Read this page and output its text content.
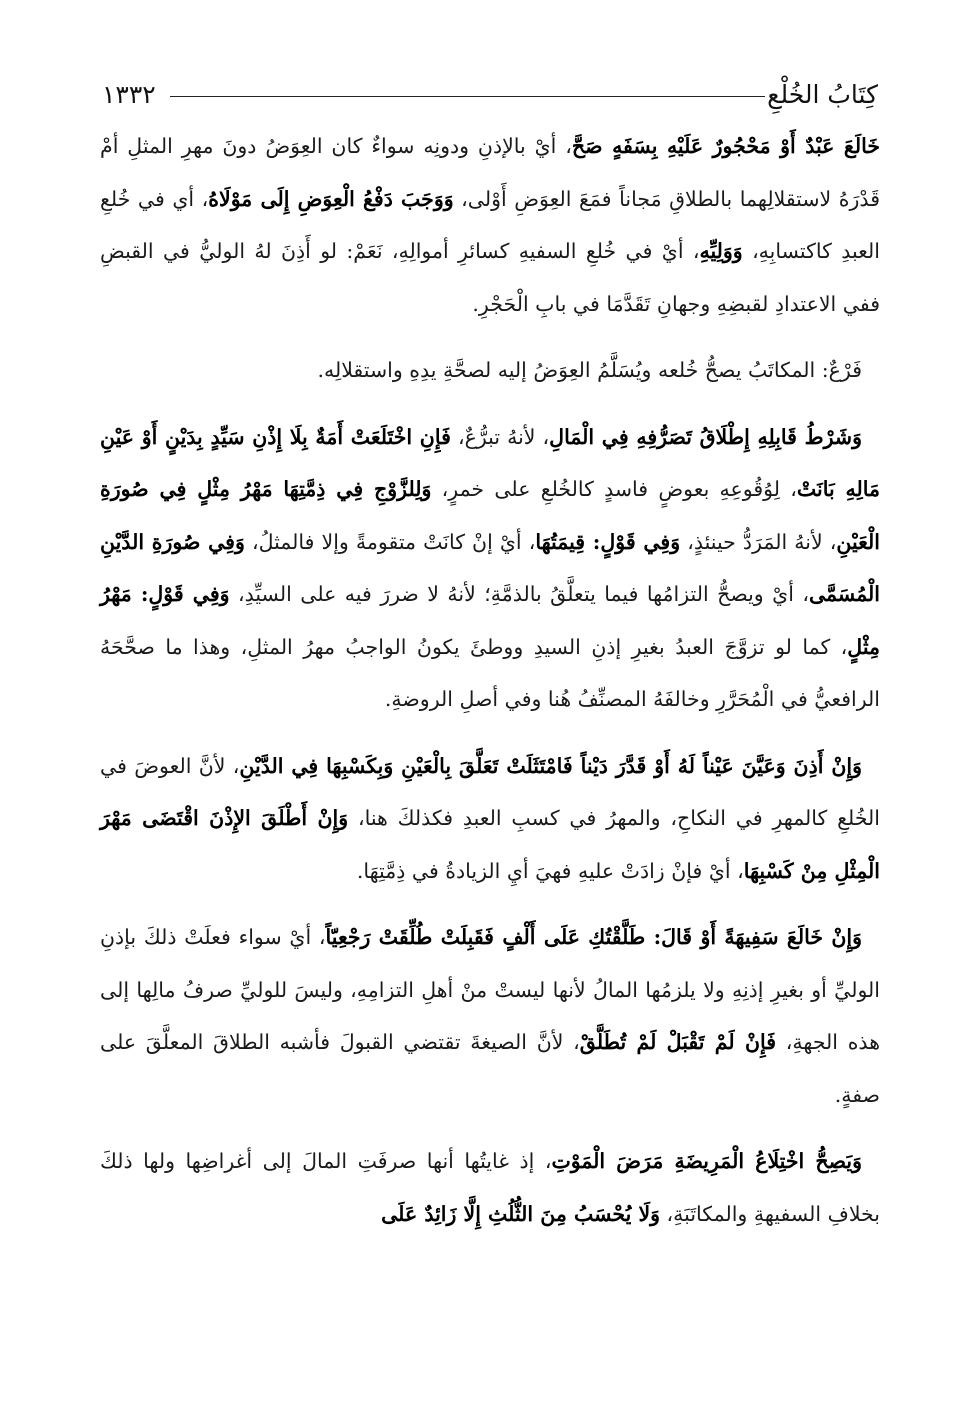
كِتَابُ الخُلْعِ
١٣٣٢

خَالَعَ عَبْدٌ أَوْ مَحْجُورٌ عَلَيْهِ بِسَفَهٍ صَحَّ، أيْ بالإذنِ ودونِه سواءٌ كان العِوَضُ دونَ مهرِ المثلِ أمْ قَدْرَهُ لاستقلالِهما بالطلاقِ مَجاناً فمَعَ العِوَضِ أَوْلى، وَوَجَبَ دَفْعُ الْعِوَضِ إِلَى مَوْلَاهُ، أي في خُلعِ العبدِ كاكتسابِهِ، وَوَلِيِّهِ، أيْ في خُلعِ السفيهِ كسائرِ أموالِهِ، نَعَمْ: لو أَذِنَ لهُ الوليُّ في القبضِ ففي الاعتدادِ لقبضِهِ وجهانِ تَقَدَّمَا في بابِ الْحَجْرِ.

فَرْعٌ: المكاتَبُ يصحُّ خُلعه ويُسَلَّمُ العِوَضُ إليه لصحَّةِ يدِهِ واستقلالِه.

وَشَرْطُ قَابِلِهِ إِطْلَاقُ تَصَرُّفِهِ فِي الْمَالِ، لأنهُ تبرُّعٌ، فَإِنِ اخْتَلَعَتْ أَمَةٌ بِلَا إِذْنِ سَيِّدٍ بِدَيْنٍ أَوْ عَيْنِ مَالِهِ بَانَتْ، لِوُقُوعِهِ بعوضٍ فاسدٍ كالخُلعِ على خمرٍ، وَلِلزَّوْجِ فِي ذِمَّتِهَا مَهْرُ مِثْلٍ فِي صُورَةِ الْعَيْنِ، لأنهُ المَرَدُّ حينئذٍ، وَفِي قَوْلٍ: قِيمَتُهَا، أيْ إنْ كانَتْ متقومةً وإلا فالمثلُ، وَفِي صُورَةِ الدَّيْنِ الْمُسَمَّى، أيْ ويصحُّ التزامُها فيما يتعلَّقُ بالذمَّةِ؛ لأنهُ لا ضررَ فيه على السيِّدِ، وَفِي قَوْلٍ: مَهْرُ مِثْلٍ، كما لو تزوَّجَ العبدُ بغيرِ إذنِ السيدِ ووطئَ يكونُ الواجبُ مهرُ المثلِ، وهذا ما صحَّحَهُ الرافعيُّ في الْمُحَرَّرِ وخالفَهُ المصنِّفُ هُنا وفي أصلِ الروضةِ.

وَإِنْ أَذِنَ وَعَيَّنَ عَيْناً لَهُ أَوْ قَدَّرَ دَيْناً فَامْتَثَلَتْ تَعَلَّقَ بِالْعَيْنِ وَبِكَسْبِهَا فِي الدَّيْنِ، لأنَّ العوضَ في الخُلعِ كالمهرِ في النكاحِ، والمهرُ في كسبِ العبدِ فكذلكَ هنا، وَإِنْ أَطْلَقَ الإِذْنَ اقْتَضَى مَهْرَ الْمِثْلِ مِنْ كَسْبِهَا، أيْ فإنْ زادَتْ عليهِ فهيَ أيِ الزيادةُ في ذِمَّتِهَا.

وَإِنْ خَالَعَ سَفِيهَةً أَوْ قَالَ: طَلَّقْتُكِ عَلَى أَلْفٍ فَقَبِلَتْ طُلِّقَتْ رَجْعِيّاً، أيْ سواء فعلَتْ ذلكَ بإذنِ الوليِّ أو بغيرِ إذنِهِ ولا يلزمُها المالُ لأنها ليستْ منْ أهلِ التزامِهِ، وليسَ للوليِّ صرفُ مالِها إلى هذه الجهةِ، فَإِنْ لَمْ تَقْبَلْ لَمْ تُطَلَّقْ، لأنَّ الصيغةَ تقتضي القبولَ فأشبه الطلاقَ المعلَّقَ على صفةٍ.

وَيَصِحُّ اخْتِلَاعُ الْمَرِيضَةِ مَرَضَ الْمَوْتِ، إذ غايتُها أنها صرفَتِ المالَ إلى أغراضِها ولها ذلكَ بخلافِ السفيهةِ والمكاتَبَةِ، وَلَا يُحْسَبُ مِنَ الثُّلُثِ إِلَّا زَائِدٌ عَلَى
